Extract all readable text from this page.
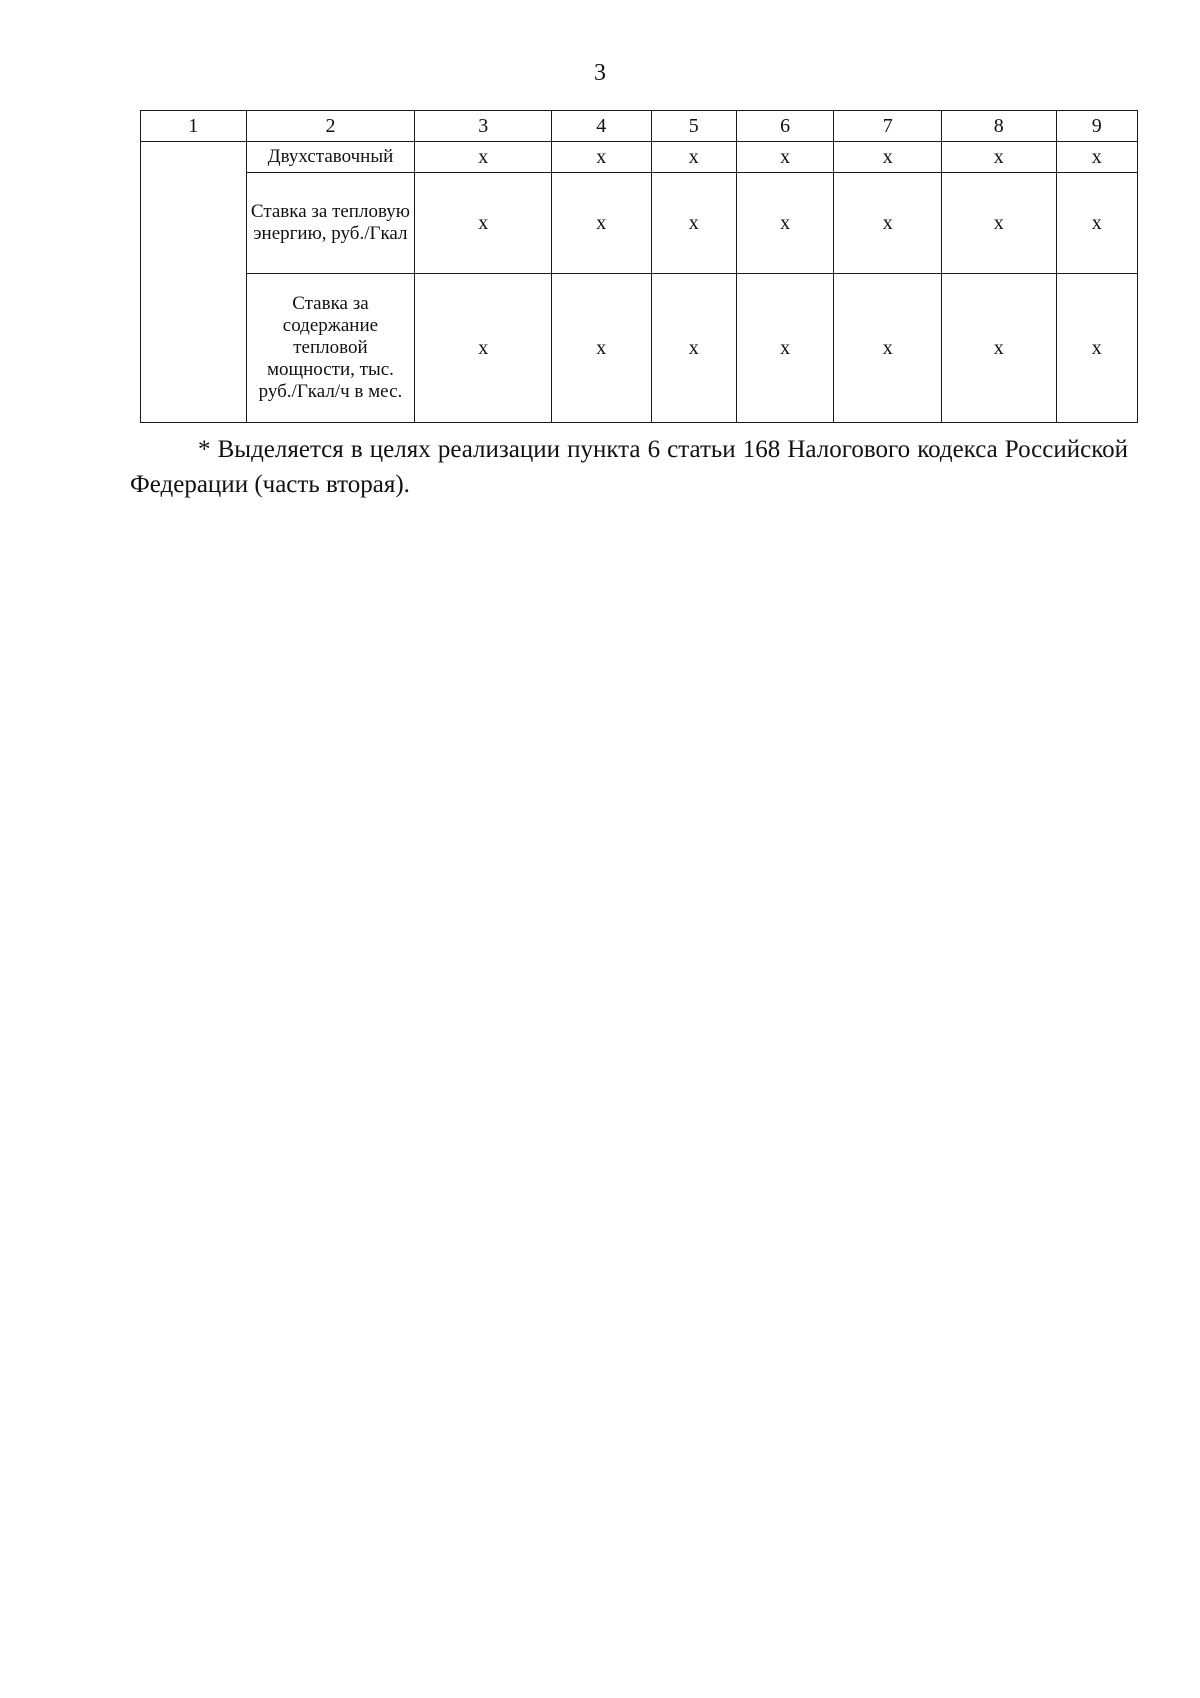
3
1	2	3	4	5	6	7	8	9
	Двухставочный	х	х	х	х	х	х	х
	Ставка за тепловую энергию, руб./Гкал	х	х	х	х	х	х	х
	Ставка за содержание тепловой мощности, тыс. руб./Гкал/ч в мес.	х	х	х	х	х	х	х

* Выделяется в целях реализации пункта 6 статьи 168 Налогового кодекса Российской Федерации (часть вторая).
